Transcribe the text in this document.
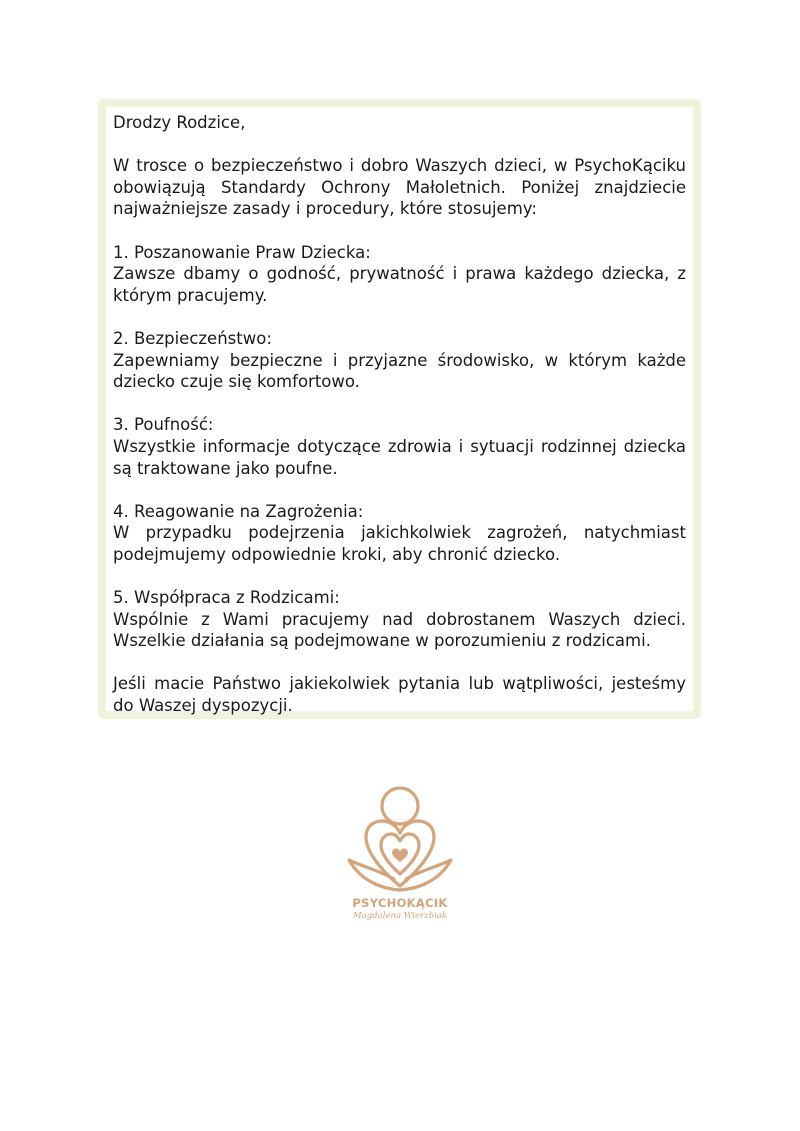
Drodzy Rodzice,

W trosce o bezpieczeństwo i dobro Waszych dzieci, w PsychoKąciku obowiązują Standardy Ochrony Małoletnich. Poniżej znajdziecie najważniejsze zasady i procedury, które stosujemy:

1. Poszanowanie Praw Dziecka:
Zawsze dbamy o godność, prywatność i prawa każdego dziecka, z którym pracujemy.

2. Bezpieczeństwo:
Zapewniamy bezpieczne i przyjazne środowisko, w którym każde dziecko czuje się komfortowo.

3. Poufność:
Wszystkie informacje dotyczące zdrowia i sytuacji rodzinnej dziecka są traktowane jako poufne.

4. Reagowanie na Zagrożenia:
W przypadku podejrzenia jakichkolwiek zagrożeń, natychmiast podejmujemy odpowiednie kroki, aby chronić dziecko.

5. Współpraca z Rodzicami:
Wspólnie z Wami pracujemy nad dobrostanem Waszych dzieci. Wszelkie działania są podejmowane w porozumieniu z rodzicami.

Jeśli macie Państwo jakiekolwiek pytania lub wątpliwości, jesteśmy do Waszej dyspozycji.

PSYCHOKĄCIK
Magdalena Wierzbiak
